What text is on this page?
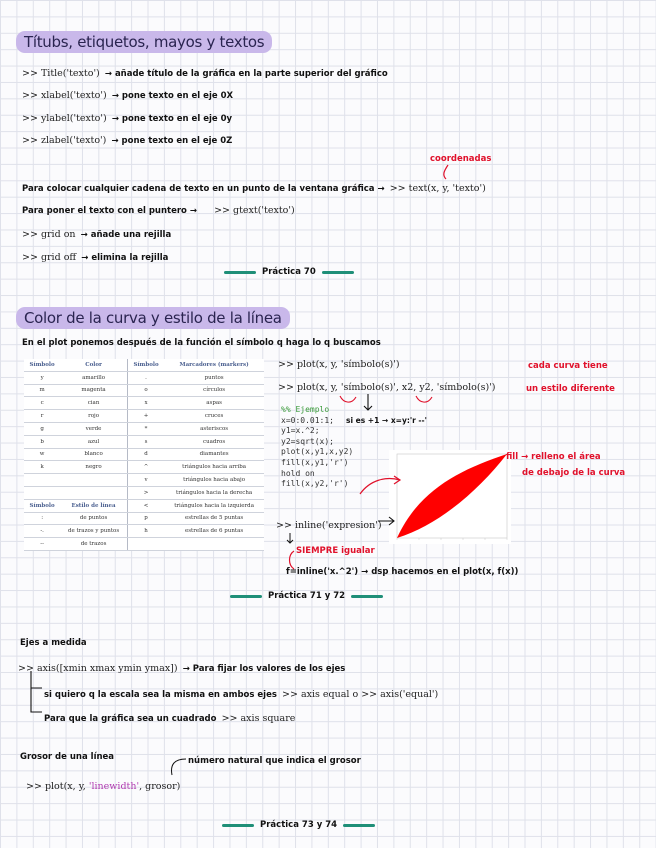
Títubs, etiquetos, mayos y textos
>> Title('texto') → añade título de la gráfica en la parte superior del gráfico
>> xlabel('texto') → pone texto en el eje 0X
>> ylabel('texto') → pone texto en el eje 0y
>> zlabel('texto') → pone texto en el eje 0Z
coordenadas
Para colocar cualquier cadena de texto en un punto de la ventana gráfica → >> text(x, y, 'texto')
Para poner el texto con el puntero → >> gtext('texto')
>> grid on → añade una rejilla
>> grid off → elimina la rejilla
Práctica 70
Color de la curva y estilo de la línea
En el plot ponemos después de la función el símbolo q haga lo q buscamos
Símbolo	Color	Símbolo	Marcadores (markers)
y	amarillo	.	puntos
m	magenta	o	círculos
c	cian	x	aspas
r	rojo	+	cruces
g	verde	*	asteriscos
b	azul	s	cuadros
w	blanco	d	diamantes
k	negro	^	triángulos hacia arriba
		v	triángulos hacia abajo
		>	triángulos hacia la derecha
Símbolo	Estilo de línea	<	triángulos hacia la izquierda
:	de puntos	p	estrellas de 5 puntas
-.	de trazos y puntos	h	estrellas de 6 puntas
--	de trazos		
>> plot(x, y, 'símbolo(s)')
>> plot(x, y, 'símbolo(s)', x2, y2, 'símbolo(s)')
cada curva tiene
un estilo diferente
si es +1 → x=y:'r --'
%% Ejemplo
x=0:0.01:1;
y1=x.^2;
y2=sqrt(x);
plot(x,y1,x,y2)
fill(x,y1,'r')
hold on
fill(x,y2,'r')
fill → relleno el área
de debajo de la curva
>> inline('expresion')
SIEMPRE igualar
f=inline('x.^2') → dsp hacemos en el plot(x, f(x))
Práctica 71 y 72
Ejes a medida
>> axis([xmin xmax ymin ymax]) → Para fijar los valores de los ejes
si quiero q la escala sea la misma en ambos ejes >> axis equal o >> axis('equal')
Para que la gráfica sea un cuadrado >> axis square
Grosor de una línea	número natural que indica el grosor
>> plot(x, y, 'linewidth', grosor)
Práctica 73 y 74
